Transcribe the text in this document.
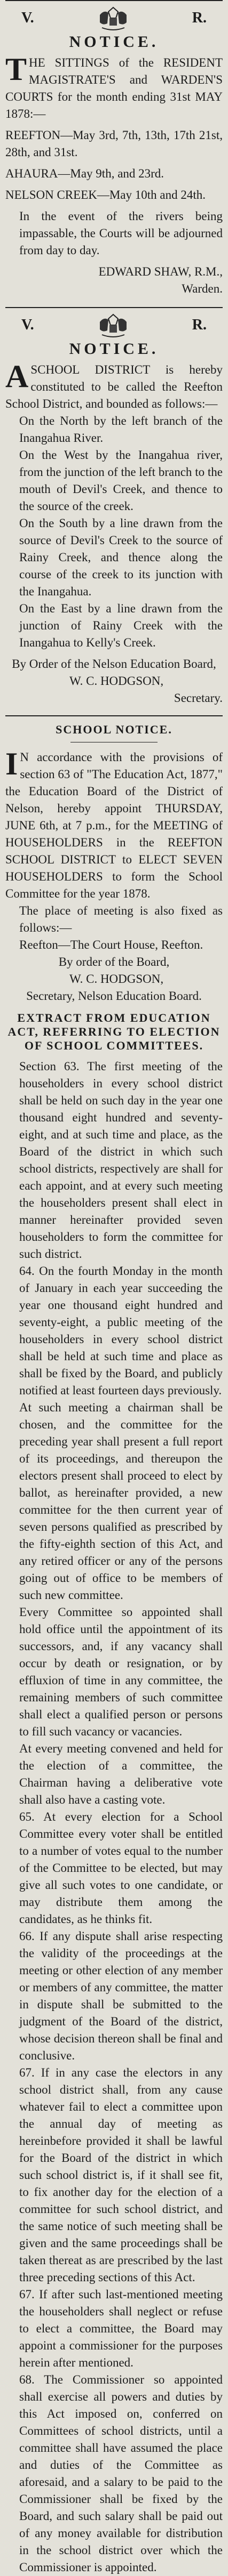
V.	R.
NOTICE.

THE SITTINGS of the RESIDENT MAGISTRATE'S and WARDEN'S COURTS for the month ending 31st MAY 1878:—

REEFTON—May 3rd, 7th, 13th, 17th 21st, 28th, and 31st.

AHAURA—May 9th, and 23rd.

NELSON CREEK—May 10th and 24th.

In the event of the rivers being impassable, the Courts will be adjourned from day to day.

EDWARD SHAW, R.M.,

Warden.

V.	R.
NOTICE.

ASCHOOL DISTRICT is hereby constituted to be called the Reefton School District, and bounded as follows:—

On the North by the left branch of the Inangahua River.

On the West by the Inangahua river, from the junction of the left branch to the mouth of Devil's Creek, and thence to the source of the creek.

On the South by a line drawn from the source of Devil's Creek to the source of Rainy Creek, and thence along the course of the creek to its junction with the Inangahua.

On the East by a line drawn from the junction of Rainy Creek with the Inangahua to Kelly's Creek.

By Order of the Nelson Education Board,

W. C. HODGSON,

Secretary.

SCHOOL NOTICE.

I N accordance with the provisions of section 63 of "The Education Act, 1877," the Education Board of the District of Nelson, hereby appoint THURSDAY, JUNE 6th, at 7 p.m., for the MEETING of HOUSEHOLDERS in the REEFTON SCHOOL DISTRICT to ELECT SEVEN HOUSEHOLDERS to form the School Committee for the year 1878.

The place of meeting is also fixed as follows:—

Reefton—The Court House, Reefton.

By order of the Board,

W. C. HODGSON,

Secretary, Nelson Education Board.

EXTRACT FROM EDUCATION ACT, REFERRING TO ELECTION OF SCHOOL COMMITTEES.

Section 63. The first meeting of the householders in every school district shall be held on such day in the year one thousand eight hundred and seventy-eight, and at such time and place, as the Board of the district in which such school districts, respectively are shall for each appoint, and at every such meeting the householders present shall elect in manner hereinafter provided seven householders to form the committee for such district.

64. On the fourth Monday in the month of January in each year succeeding the year one thousand eight hundred and seventy-eight, a public meeting of the householders in every school district shall be held at such time and place as shall be fixed by the Board, and publicly notified at least fourteen days previously.

At such meeting a chairman shall be chosen, and the committee for the preceding year shall present a full report of its proceedings, and thereupon the electors present shall proceed to elect by ballot, as hereinafter provided, a new committee for the then current year of seven persons qualified as prescribed by the fifty-eighth section of this Act, and any retired officer or any of the persons going out of office to be members of such new committee.

Every Committee so appointed shall hold office until the appointment of its successors, and, if any vacancy shall occur by death or resignation, or by effluxion of time in any committee, the remaining members of such committee shall elect a qualified person or persons to fill such vacancy or vacancies.

At every meeting convened and held for the election of a committee, the Chairman having a deliberative vote shall also have a casting vote.

65. At every election for a School Committee every voter shall be entitled to a number of votes equal to the number of the Committee to be elected, but may give all such votes to one candidate, or may distribute them among the candidates, as he thinks fit.

66. If any dispute shall arise respecting the validity of the proceedings at the meeting or other election of any member or members of any committee, the matter in dispute shall be submitted to the judgment of the Board of the district, whose decision thereon shall be final and conclusive.

67. If in any case the electors in any school district shall, from any cause whatever fail to elect a committee upon the annual day of meeting as hereinbefore provided it shall be lawful for the Board of the district in which such school district is, if it shall see fit, to fix another day for the election of a committee for such school district, and the same notice of such meeting shall be given and the same proceedings shall be taken thereat as are prescribed by the last three preceding sections of this Act.

67. If after such last-mentioned meeting the householders shall neglect or refuse to elect a committee, the Board may appoint a commissioner for the purposes herein after mentioned.

68. The Commissioner so appointed shall exercise all powers and duties by this Act imposed on, conferred on Committees of school districts, until a committee shall have assumed the place and duties of the Committee as aforesaid, and a salary to be paid to the Commissioner shall be fixed by the Board, and such salary shall be paid out of any money available for distribution in the school district over which the Commissioner is appointed.
